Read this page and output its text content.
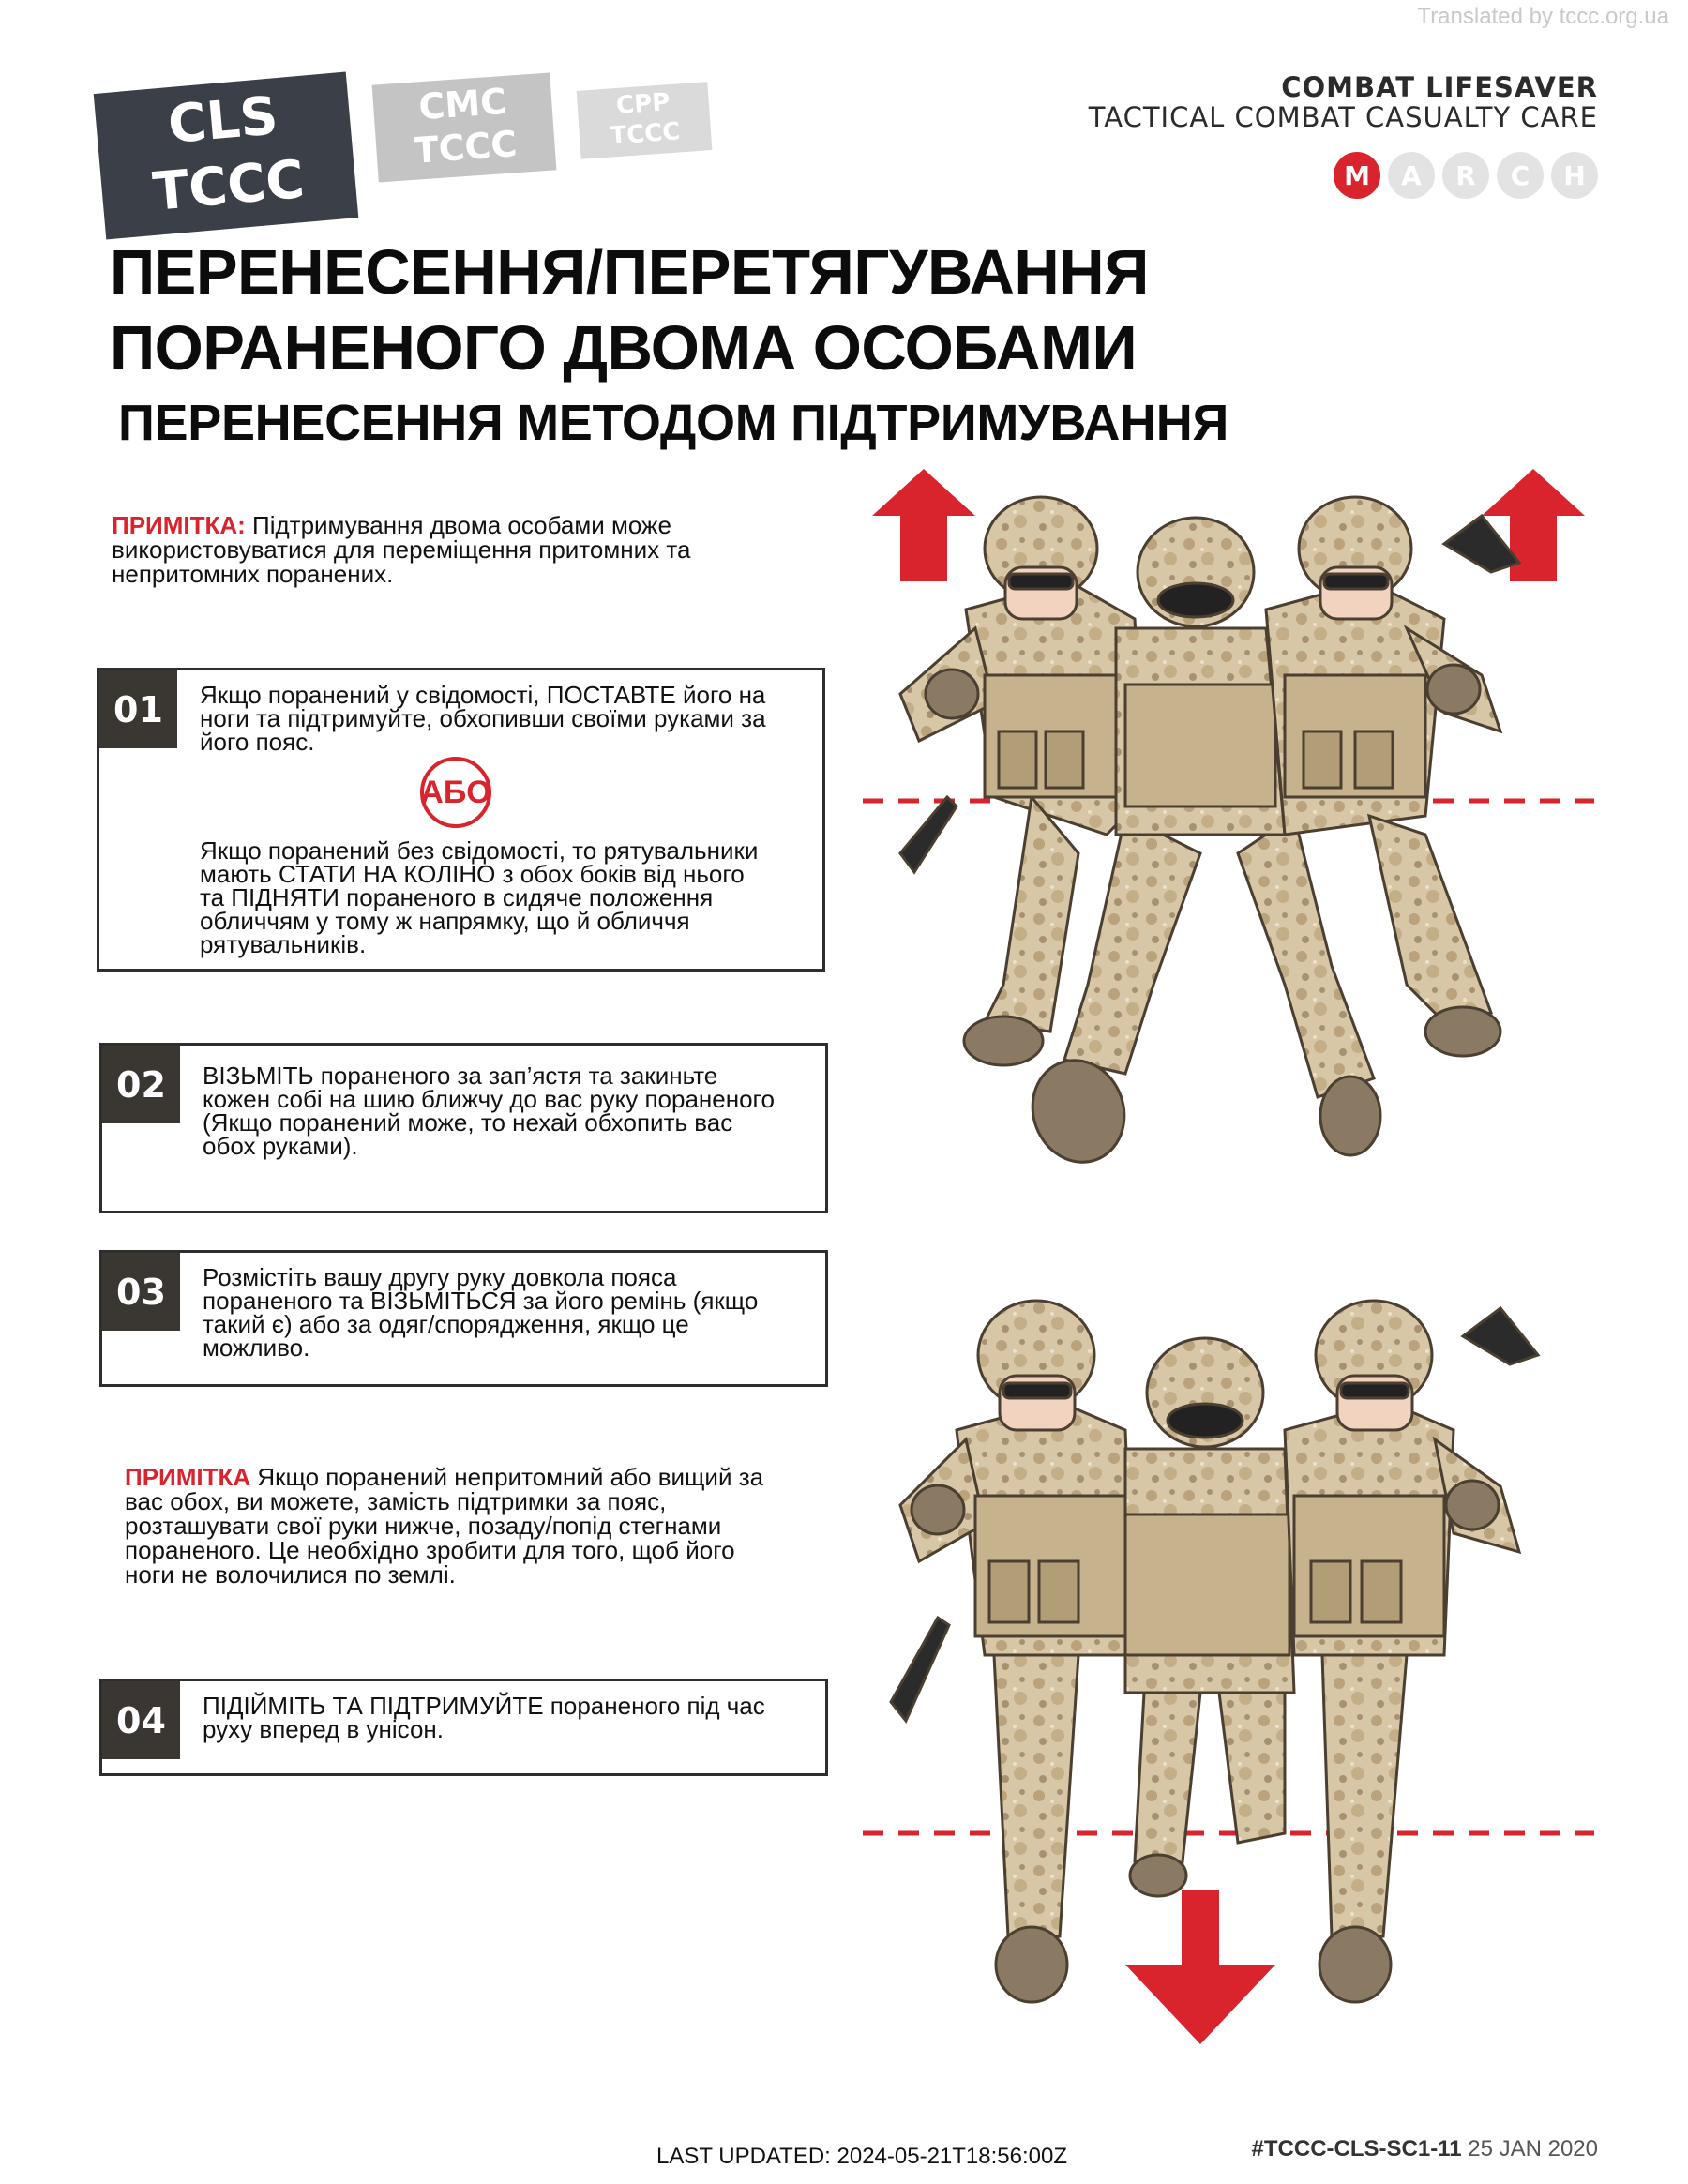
Translated by tccc.org.ua
CLS
TCCC
CMC
TCCC
CPP
TCCC
COMBAT LIFESAVER
TACTICAL COMBAT CASUALTY CARE
M	A	R	C	H
ПЕРЕНЕСЕННЯ/ПЕРЕТЯГУВАННЯ
ПОРАНЕНОГО ДВОМА ОСОБАМИ
ПЕРЕНЕСЕННЯ МЕТОДОМ ПІДТРИМУВАННЯ
ПРИМІТКА: Підтримування двома особами може
використовуватися для переміщення притомних та
непритомних поранених.
01	Якщо поранений у свідомості, ПОСТАВТЕ його на
ноги та підтримуйте, обхопивши своїми руками за
його пояс.
АБО
Якщо поранений без свідомості, то рятувальники
мають СТАТИ НА КОЛІНО з обох боків від нього
та ПІДНЯТИ пораненого в сидяче положення
обличчям у тому ж напрямку, що й обличчя
рятувальників.
02	ВІЗЬМІТЬ пораненого за зап’ястя та закиньте
кожен собі на шию ближчу до вас руку пораненого
(Якщо поранений може, то нехай обхопить вас
обох руками).
03	Розмістіть вашу другу руку довкола пояса
пораненого та ВІЗЬМІТЬСЯ за його ремінь (якщо
такий є) або за одяг/спорядження, якщо це
можливо.
ПРИМІТКА Якщо поранений непритомний або вищий за
вас обох, ви можете, замість підтримки за пояс,
розташувати свої руки нижче, позаду/попід стегнами
пораненого. Це необхідно зробити для того, щоб його
ноги не волочилися по землі.
04	ПІДІЙМІТЬ ТА ПІДТРИМУЙТЕ пораненого під час
руху вперед в унісон.
LAST UPDATED: 2024-05-21T18:56:00Z	#TCCC-CLS-SC1-11 25 JAN 2020
